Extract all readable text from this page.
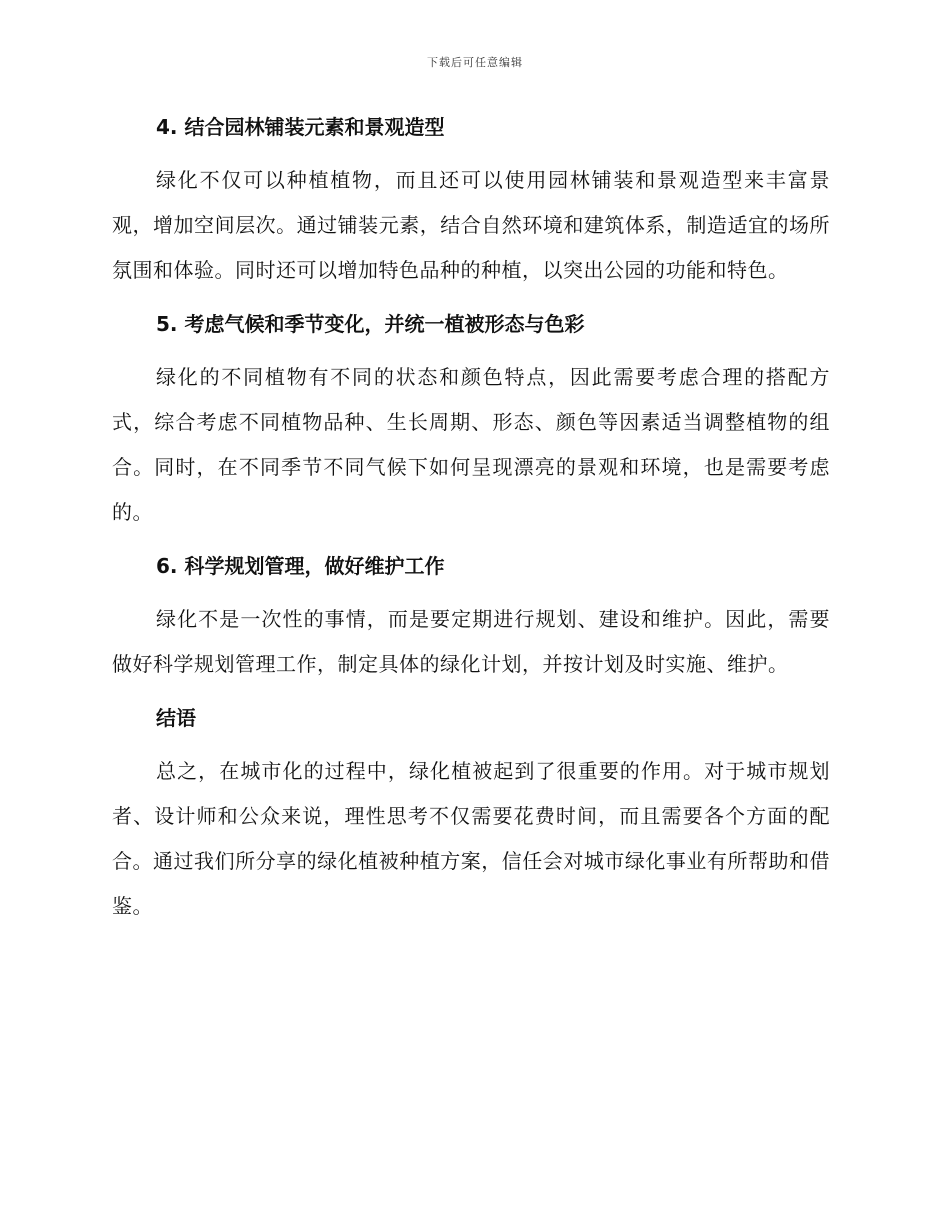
下载后可任意编辑
4. 结合园林铺装元素和景观造型
绿化不仅可以种植植物，而且还可以使用园林铺装和景观造型来丰富景观，增加空间层次。通过铺装元素，结合自然环境和建筑体系，制造适宜的场所氛围和体验。同时还可以增加特色品种的种植，以突出公园的功能和特色。
5. 考虑气候和季节变化，并统一植被形态与色彩
绿化的不同植物有不同的状态和颜色特点，因此需要考虑合理的搭配方式，综合考虑不同植物品种、生长周期、形态、颜色等因素适当调整植物的组合。同时，在不同季节不同气候下如何呈现漂亮的景观和环境，也是需要考虑的。
6. 科学规划管理，做好维护工作
绿化不是一次性的事情，而是要定期进行规划、建设和维护。因此，需要做好科学规划管理工作，制定具体的绿化计划，并按计划及时实施、维护。
结语
总之，在城市化的过程中，绿化植被起到了很重要的作用。对于城市规划者、设计师和公众来说，理性思考不仅需要花费时间，而且需要各个方面的配合。通过我们所分享的绿化植被种植方案，信任会对城市绿化事业有所帮助和借鉴。
